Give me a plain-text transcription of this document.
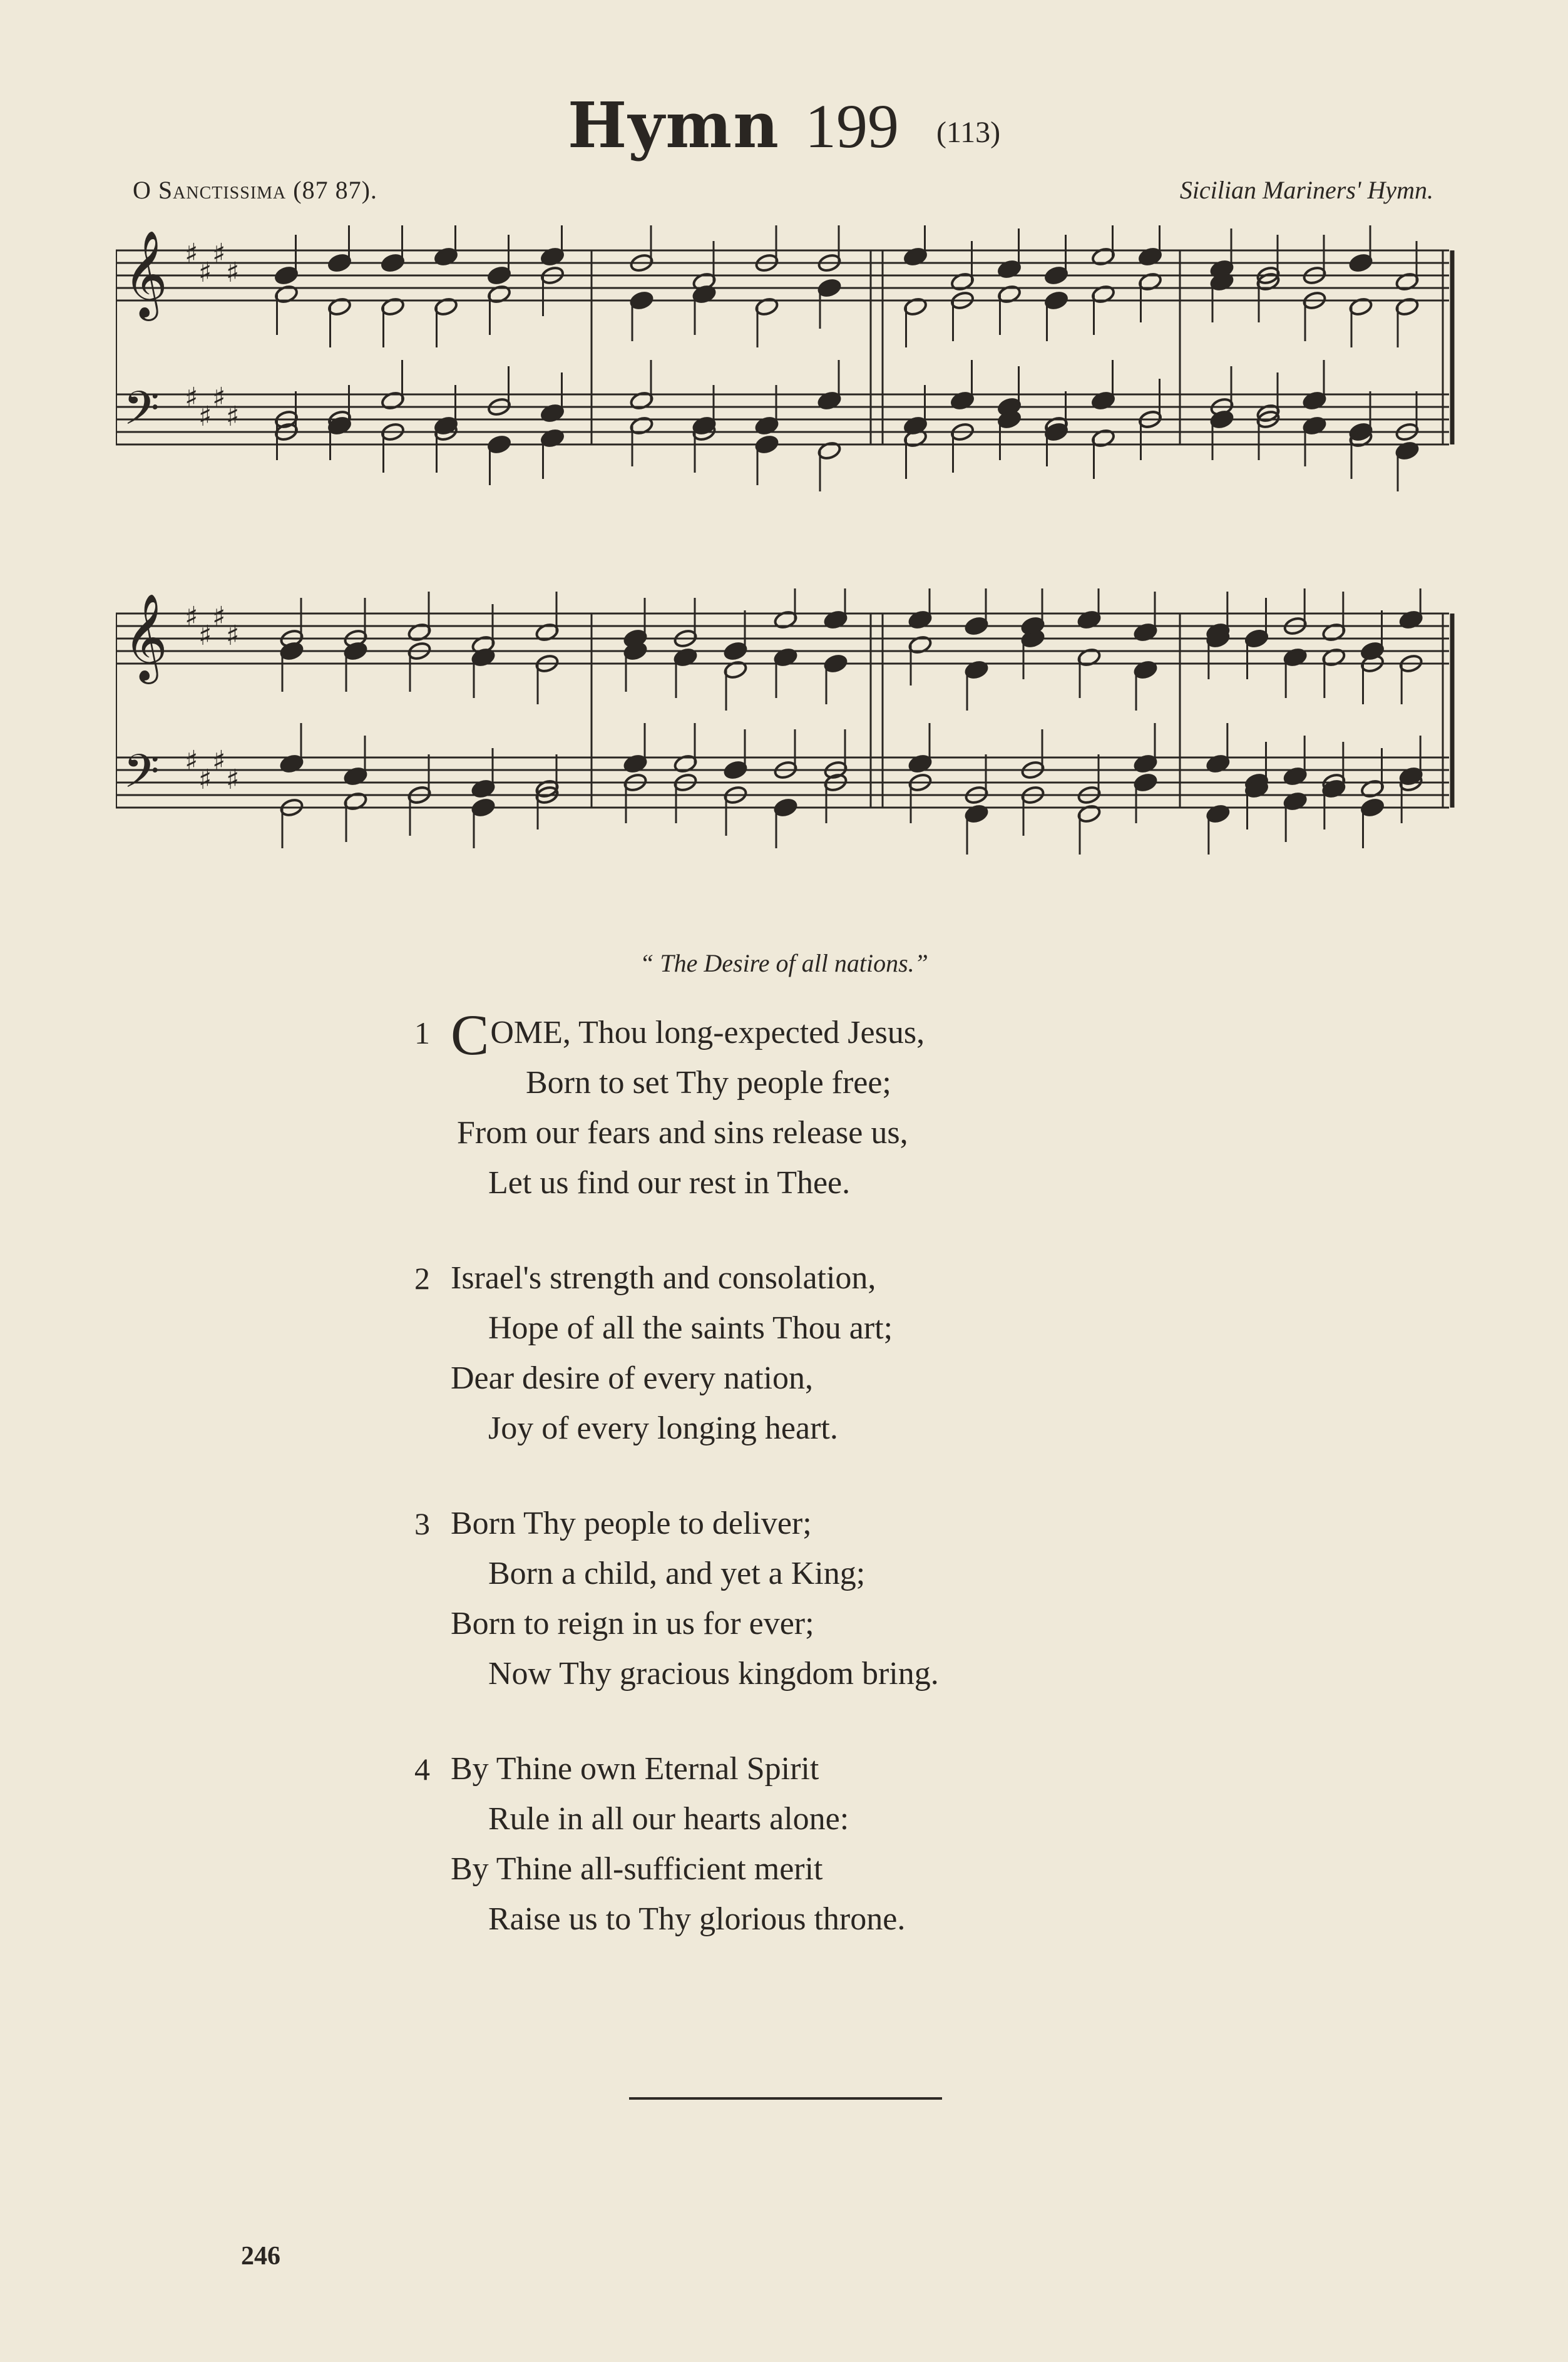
Hymn 199 (113)
O Sanctissima (87 87).	Sicilian Mariners' Hymn.
𝄞
𝄢
♯
♯
♯
♯
♯
♯
♯
♯
𝄞
𝄢
♯
♯
♯
♯
♯
♯
♯
♯
“ The Desire of all nations.”
1 COME, Thou long-expected Jesus,
Born to set Thy people free;
From our fears and sins release us,
Let us find our rest in Thee.
2 Israel's strength and consolation,
Hope of all the saints Thou art;
Dear desire of every nation,
Joy of every longing heart.
3 Born Thy people to deliver;
Born a child, and yet a King;
Born to reign in us for ever;
Now Thy gracious kingdom bring.
4 By Thine own Eternal Spirit
Rule in all our hearts alone:
By Thine all-sufficient merit
Raise us to Thy glorious throne.
246
